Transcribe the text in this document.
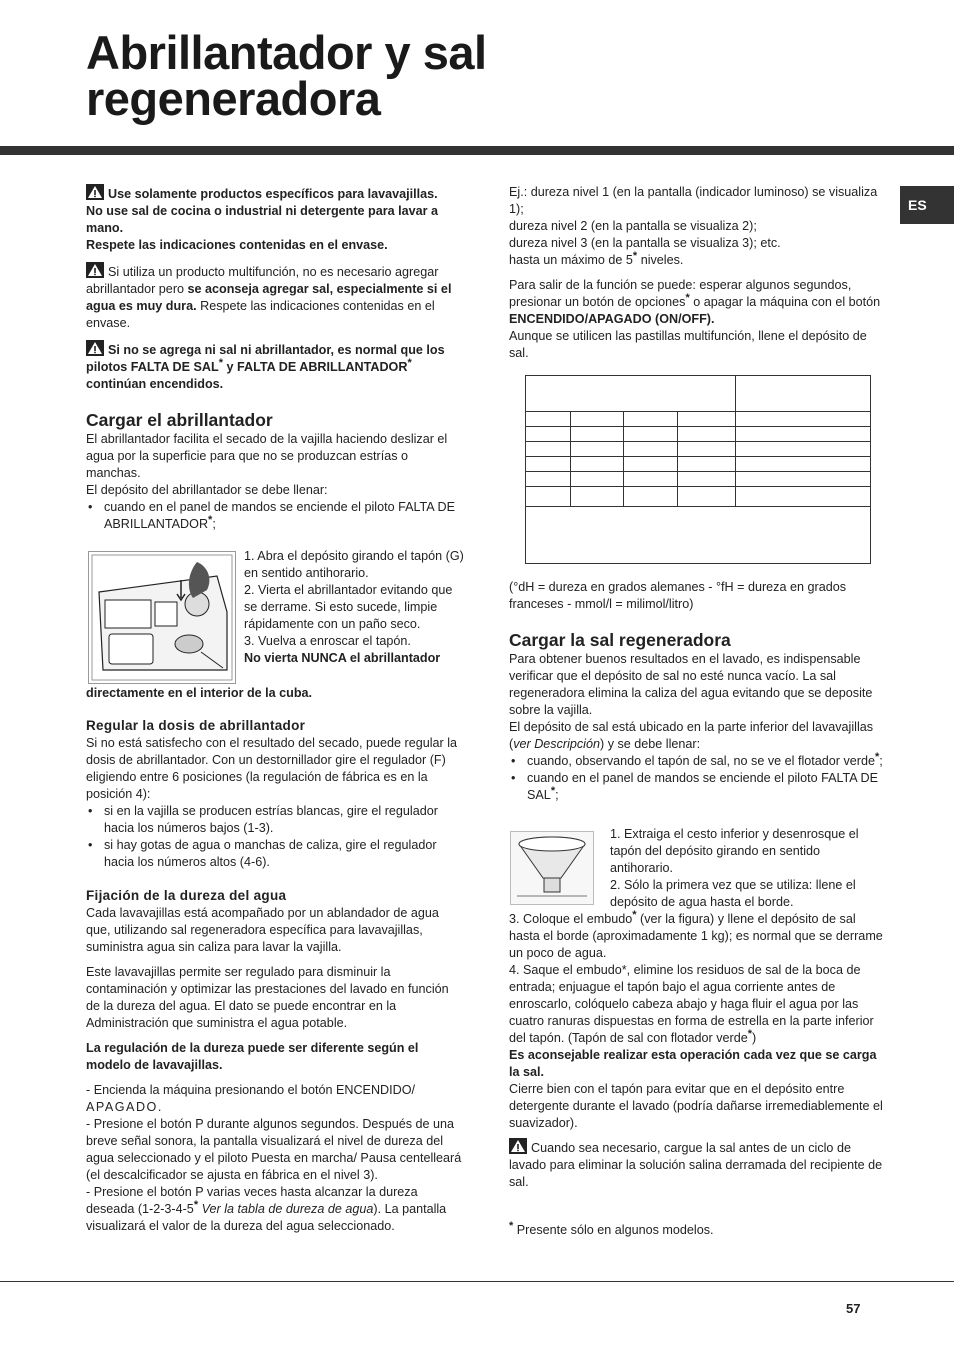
Abrillantador y sal regeneradora
ES

Use solamente productos específicos para lavavajillas.
No use sal de cocina o industrial ni detergente para lavar a mano.
Respete las indicaciones contenidas en el envase.

Si utiliza un producto multifunción, no es necesario agregar abrillantador pero se aconseja agregar sal, especialmente si el agua es muy dura. Respete las indicaciones contenidas en el envase.

Si no se agrega ni sal ni abrillantador, es normal que los pilotos FALTA DE SAL* y FALTA DE ABRILLANTADOR* continúan encendidos.

Cargar el abrillantador

El abrillantador facilita el secado de la vajilla haciendo deslizar el agua por la superficie para que no se produzcan estrías o manchas.

El depósito del abrillantador se debe llenar:

• cuando en el panel de mandos se enciende el piloto FALTA DE ABRILLANTADOR*;

Regular la dosis de abrillantador

Si no está satisfecho con el resultado del secado, puede regular la dosis de abrillantador. Con un destornillador gire el regulador (F) eligiendo entre 6 posiciones (la regulación de fábrica es en la posición 4):

• si en la vajilla se producen estrías blancas, gire el regulador hacia los números bajos (1-3).

• si hay gotas de agua o manchas de caliza, gire el regulador hacia los números altos (4-6).

Fijación de la dureza del agua

Cada lavavajillas está acompañado por un ablandador de agua que, utilizando sal regeneradora específica para lavavajillas, suministra agua sin caliza para lavar la vajilla.

Este lavavajillas permite ser regulado para disminuir la contaminación y optimizar las prestaciones del lavado en función de la dureza del agua. El dato se puede encontrar en la Administración que suministra el agua potable.

La regulación de la dureza puede ser diferente según el modelo de lavavajillas.

- Encienda la máquina presionando el botón ENCENDIDO/
APAGADO.

- Presione el botón P durante algunos segundos. Después de una breve señal sonora, la pantalla visualizará el nivel de dureza del agua seleccionado y el piloto Puesta en marcha/ Pausa centelleará (el descalcificador se ajusta en fábrica en el nivel 3).

- Presione el botón P varias veces hasta alcanzar la dureza deseada (1-2-3-4-5* Ver la tabla de dureza de agua). La pantalla visualizará el valor de la dureza del agua seleccionado.

1. Abra el depósito girando el tapón (G) en sentido antihorario.

2. Vierta el abrillantador evitando que se derrame. Si esto sucede, limpie rápidamente con un paño seco.

3. Vuelva a enroscar el tapón.

No vierta NUNCA el abrillantador

directamente en el interior de la cuba.

Ej.: dureza nivel 1 (en la pantalla (indicador luminoso) se visualiza 1);

dureza nivel 2 (en la pantalla se visualiza 2);

dureza nivel 3 (en la pantalla se visualiza 3); etc.

hasta un máximo de 5* niveles.

Para salir de la función se puede: esperar algunos segundos, presionar un botón de opciones* o apagar la máquina con el botón ENCENDIDO/APAGADO (ON/OFF).

Aunque se utilicen las pastillas multifunción, llene el depósito de sal.

(°dH = dureza en grados alemanes - °fH = dureza en grados franceses - mmol/l = milimol/litro)

Cargar la sal regeneradora

Para obtener buenos resultados en el lavado, es indispensable verificar que el depósito de sal no esté nunca vacío. La sal regeneradora elimina la caliza del agua evitando que se deposite sobre la vajilla.

El depósito de sal está ubicado en la parte inferior del lavavajillas (ver Descripción) y se debe llenar:

• cuando, observando el tapón de sal, no se ve el flotador verde*;

• cuando en el panel de mandos se enciende el piloto FALTA DE SAL*;

1. Extraiga el cesto inferior y desenrosque el tapón del depósito girando en sentido antihorario.

2. Sólo la primera vez que se utiliza: llene el depósito de agua hasta el borde.

3. Coloque el embudo* (ver la figura) y llene el depósito de sal hasta el borde (aproximadamente 1 kg); es normal que se derrame un poco de agua.

4. Saque el embudo*, elimine los residuos de sal de la boca de entrada; enjuague el tapón bajo el agua corriente antes de enroscarlo, colóquelo cabeza abajo y haga fluir el agua por las cuatro ranuras dispuestas en forma de estrella en la parte inferior del tapón. (Tapón de sal con flotador verde*)

Es aconsejable realizar esta operación cada vez que se carga la sal.

Cierre bien con el tapón para evitar que en el depósito entre detergente durante el lavado (podría dañarse irremediablemente el suavizador).

Cuando sea necesario, cargue la sal antes de un ciclo de lavado para eliminar la solución salina derramada del recipiente de sal.

* Presente sólo en algunos modelos.

57
